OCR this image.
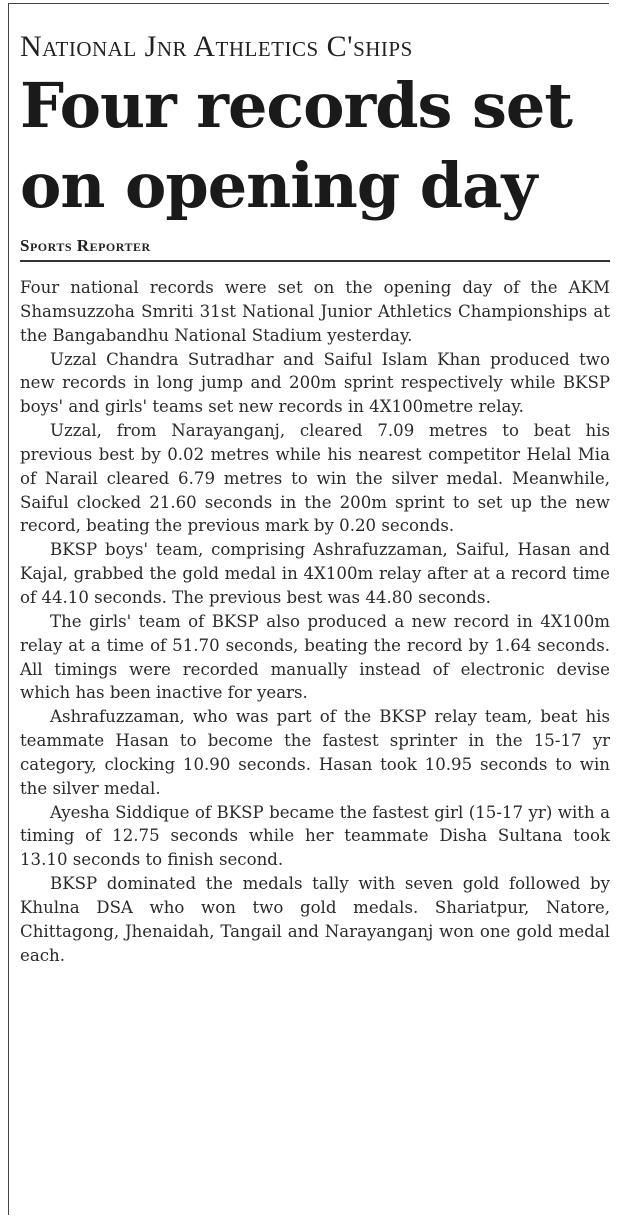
National Jnr Athletics C'ships
Four records set on opening day
Sports Reporter

Four national records were set on the opening day of the AKM Shamsuzzoha Smriti 31st National Junior Athletics Championships at the Bangabandhu National Stadium yesterday.

Uzzal Chandra Sutradhar and Saiful Islam Khan produced two new records in long jump and 200m sprint respectively while BKSP boys' and girls' teams set new records in 4X100metre relay.

Uzzal, from Narayanganj, cleared 7.09 metres to beat his previous best by 0.02 metres while his nearest competitor Helal Mia of Narail cleared 6.79 metres to win the silver medal. Meanwhile, Saiful clocked 21.60 seconds in the 200m sprint to set up the new record, beating the previous mark by 0.20 seconds.

BKSP boys' team, comprising Ashrafuzzaman, Saiful, Hasan and Kajal, grabbed the gold medal in 4X100m relay after at a record time of 44.10 seconds. The previous best was 44.80 seconds.

The girls' team of BKSP also produced a new record in 4X100m relay at a time of 51.70 seconds, beating the record by 1.64 seconds. All timings were recorded manually instead of electronic devise which has been inactive for years.

Ashrafuzzaman, who was part of the BKSP relay team, beat his teammate Hasan to become the fastest sprinter in the 15-17 yr category, clocking 10.90 seconds. Hasan took 10.95 seconds to win the silver medal.

Ayesha Siddique of BKSP became the fastest girl (15-17 yr) with a timing of 12.75 seconds while her teammate Disha Sultana took 13.10 seconds to finish second.

BKSP dominated the medals tally with seven gold followed by Khulna DSA who won two gold medals. Shariatpur, Natore, Chittagong, Jhenaidah, Tangail and Narayanganj won one gold medal each.
